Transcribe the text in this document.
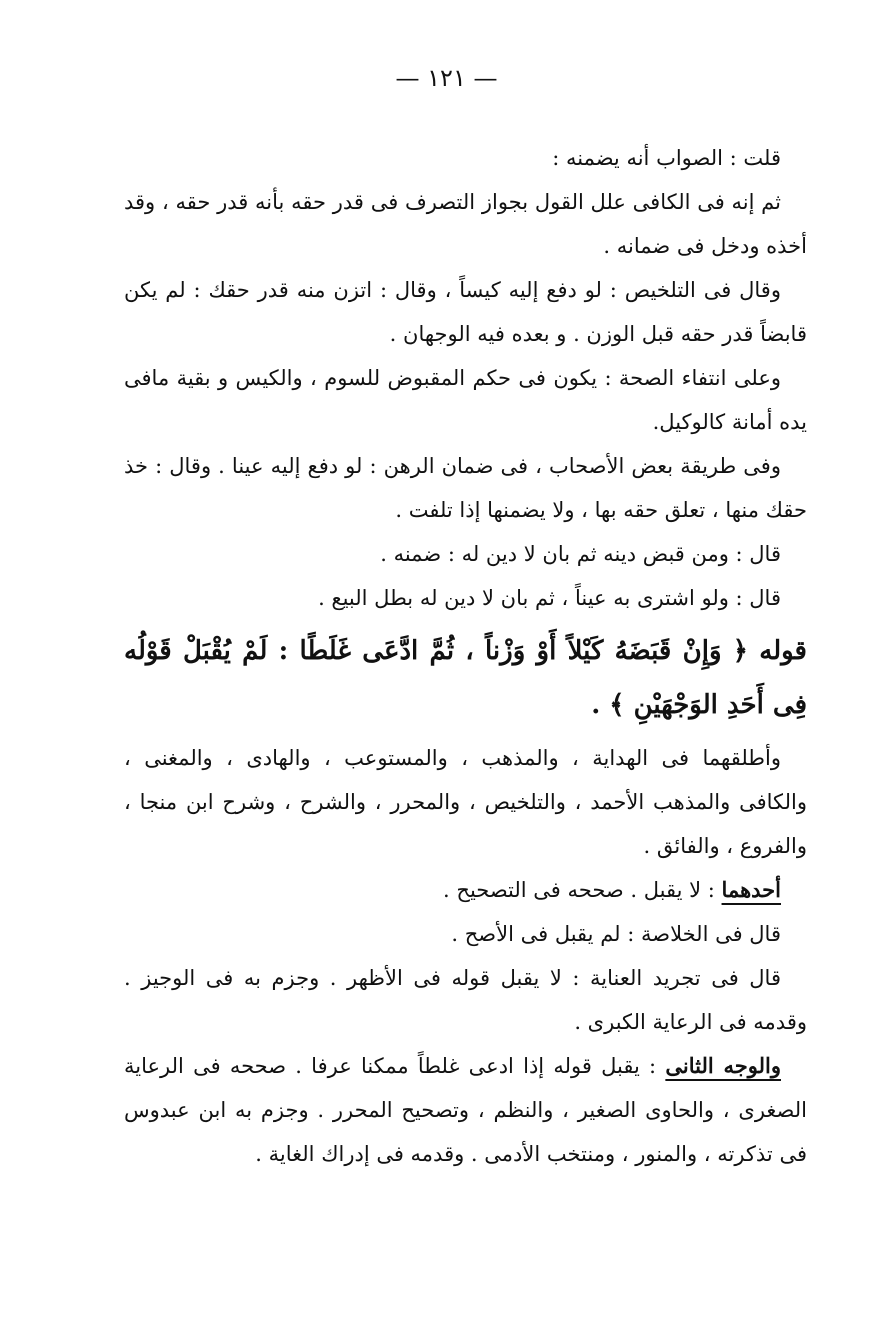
— ١٢١ —

قلت : الصواب أنه يضمنه :

ثم إنه فى الكافى علل القول بجواز التصرف فى قدر حقه بأنه قدر حقه ، وقد أخذه ودخل فى ضمانه .

وقال فى التلخيص : لو دفع إليه كيساً ، وقال : اتزن منه قدر حقك : لم يكن قابضاً قدر حقه قبل الوزن . و بعده فيه الوجهان .

وعلى انتفاء الصحة : يكون فى حكم المقبوض للسوم ، والكيس و بقية مافى يده أمانة كالوكيل.

وفى طريقة بعض الأصحاب ، فى ضمان الرهن : لو دفع إليه عينا . وقال : خذ حقك منها ، تعلق حقه بها ، ولا يضمنها إذا تلفت .

قال : ومن قبض دينه ثم بان لا دين له : ضمنه .

قال : ولو اشترى به عيناً ، ثم بان لا دين له بطل البيع .

قوله ﴿ وَإِنْ قَبَضَهُ كَيْلاً أَوْ وَزْناً ، ثُمَّ ادَّعَى غَلَطًا : لَمْ يُقْبَلْ قَوْلُه فِى أَحَدِ الوَجْهَيْنِ ﴾ .

وأطلقهما فى الهداية ، والمذهب ، والمستوعب ، والهادى ، والمغنى ، والكافى والمذهب الأحمد ، والتلخيص ، والمحرر ، والشرح ، وشرح ابن منجا ، والفروع ، والفائق .

أحدهما : لا يقبل . صححه فى التصحيح .

قال فى الخلاصة : لم يقبل فى الأصح .

قال فى تجريد العناية : لا يقبل قوله فى الأظهر . وجزم به فى الوجيز . وقدمه فى الرعاية الكبرى .

والوجه الثانى : يقبل قوله إذا ادعى غلطاً ممكنا عرفا . صححه فى الرعاية الصغرى ، والحاوى الصغير ، والنظم ، وتصحيح المحرر . وجزم به ابن عبدوس فى تذكرته ، والمنور ، ومنتخب الأدمى . وقدمه فى إدراك الغاية .
